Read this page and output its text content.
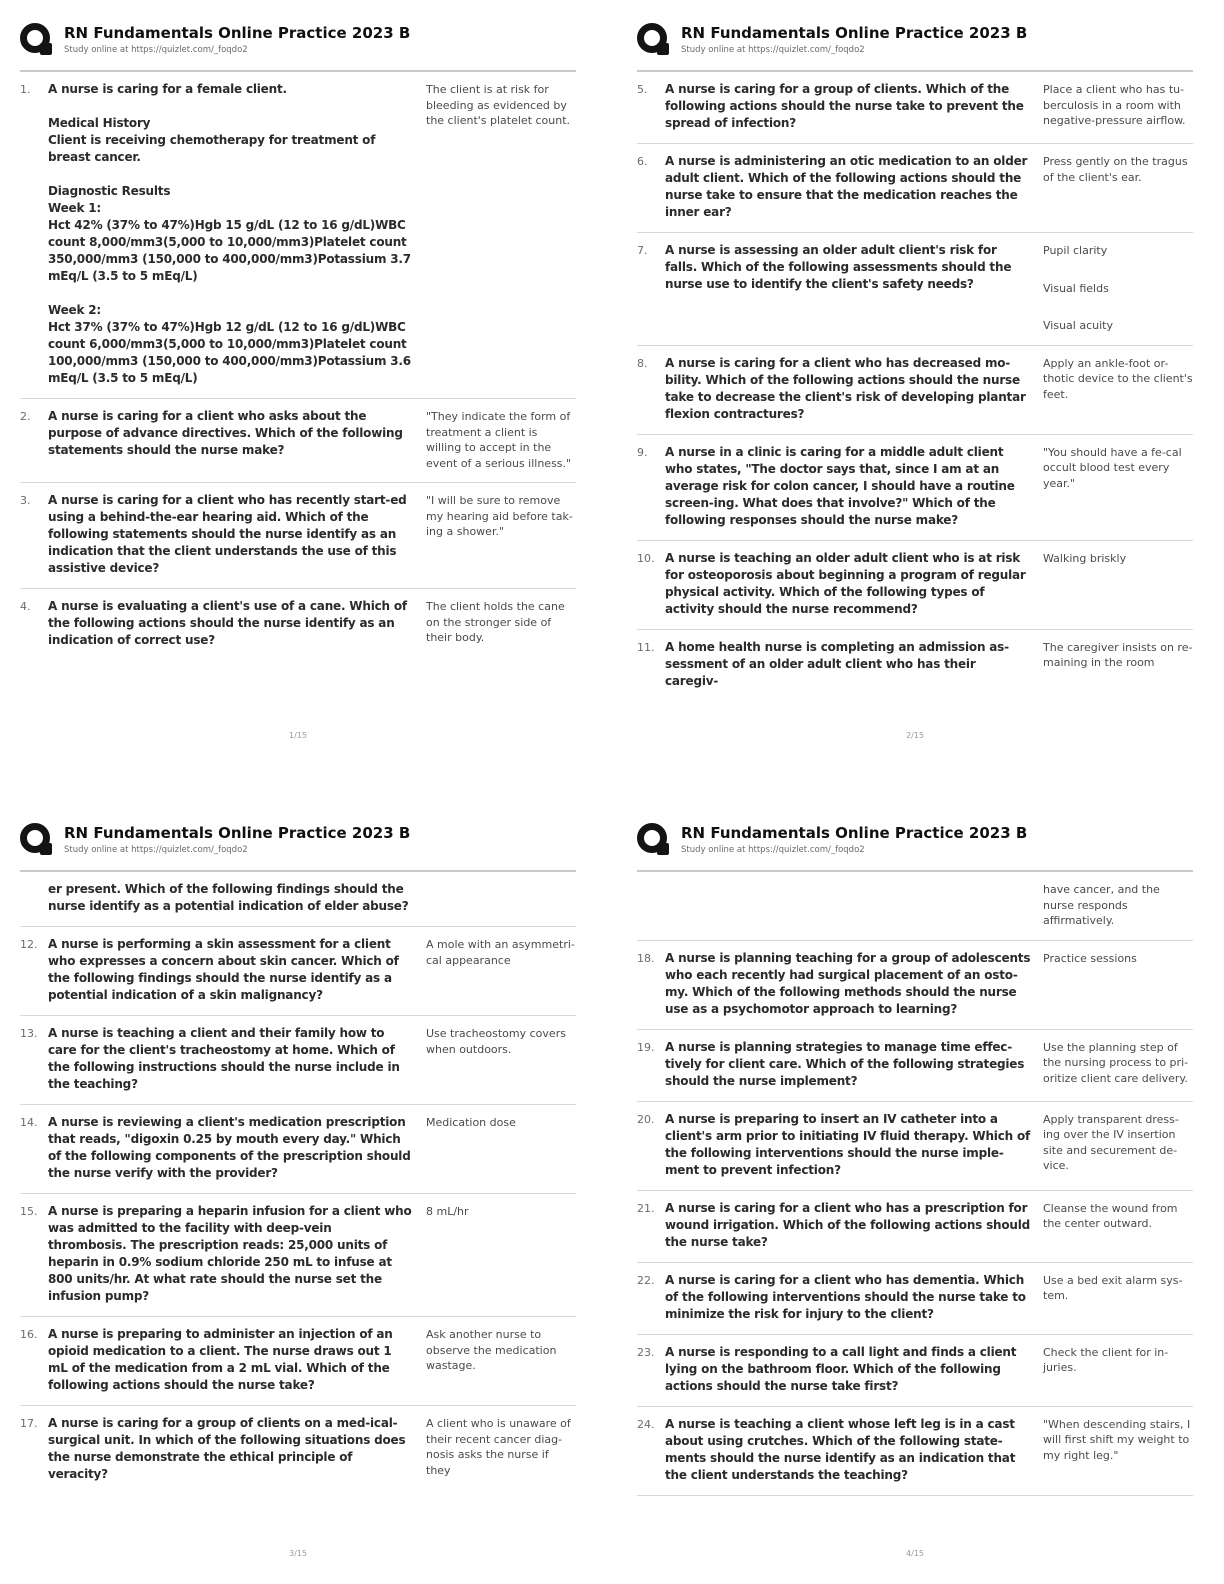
RN Fundamentals Online Practice 2023 B
Study online at https://quizlet.com/_foqdo2
1.	A nurse is caring for a female client.

Medical History

Client is receiving chemotherapy for treatment of breast cancer.

Diagnostic Results

Week 1:

Hct 42% (37% to 47%)Hgb 15 g/dL (12 to 16 g/dL)WBC count 8,000/mm3(5,000 to 10,000/mm3)Platelet count 350,000/mm3 (150,000 to 400,000/mm3)Potassium 3.7 mEq/L (3.5 to 5 mEq/L)

Week 2:

Hct 37% (37% to 47%)Hgb 12 g/dL (12 to 16 g/dL)WBC count 6,000/mm3(5,000 to 10,000/mm3)Platelet count 100,000/mm3 (150,000 to 400,000/mm3)Potassium 3.6 mEq/L (3.5 to 5 mEq/L)

The client is at risk for bleeding as evidenced by the client's platelet count.
2.	A nurse is caring for a client who asks about the purpose of advance directives. Which of the following statements should the nurse make?
"They indicate the form of treatment a client is willing to accept in the event of a serious illness."
3.	A nurse is caring for a client who has recently start-ed using a behind-the-ear hearing aid. Which of the following statements should the nurse identify as an indication that the client understands the use of this assistive device?
"I will be sure to remove my hearing aid before tak-ing a shower."
4.	A nurse is evaluating a client's use of a cane. Which of the following actions should the nurse identify as an indication of correct use?
The client holds the cane on the stronger side of their body.
1/15
RN Fundamentals Online Practice 2023 B
Study online at https://quizlet.com/_foqdo2
5.	A nurse is caring for a group of clients. Which of the following actions should the nurse take to prevent the spread of infection?
Place a client who has tu-berculosis in a room with negative-pressure airflow.
6.	A nurse is administering an otic medication to an older adult client. Which of the following actions should the nurse take to ensure that the medication reaches the inner ear?
Press gently on the tragus of the client's ear.
7.	A nurse is assessing an older adult client's risk for falls. Which of the following assessments should the nurse use to identify the client's safety needs?

Pupil clarity

Visual fields

Visual acuity

8.	A nurse is caring for a client who has decreased mo-bility. Which of the following actions should the nurse take to decrease the client's risk of developing plantar flexion contractures?
Apply an ankle-foot or-thotic device to the client's feet.
9.	A nurse in a clinic is caring for a middle adult client who states, "The doctor says that, since I am at an average risk for colon cancer, I should have a routine screen-ing. What does that involve?" Which of the following responses should the nurse make?
"You should have a fe-cal occult blood test every year."
10. A nurse is teaching an older adult client who is at risk for osteoporosis about beginning a program of regular physical activity. Which of the following types of activity should the nurse recommend?
Walking briskly
11. A home health nurse is completing an admission as-sessment of an older adult client who has their caregiv-
The caregiver insists on re-maining in the room
2/15
RN Fundamentals Online Practice 2023 B
Study online at https://quizlet.com/_foqdo2
er present. Which of the following findings should the nurse identify as a potential indication of elder abuse?
12. A nurse is performing a skin assessment for a client who expresses a concern about skin cancer. Which of the following findings should the nurse identify as a potential indication of a skin malignancy?
A mole with an asymmetri-cal appearance
13. A nurse is teaching a client and their family how to care for the client's tracheostomy at home. Which of the following instructions should the nurse include in the teaching?
Use tracheostomy covers when outdoors.
14. A nurse is reviewing a client's medication prescription that reads, "digoxin 0.25 by mouth every day." Which of the following components of the prescription should the nurse verify with the provider?
Medication dose
15. A nurse is preparing a heparin infusion for a client who was admitted to the facility with deep-vein thrombosis. The prescription reads: 25,000 units of heparin in 0.9% sodium chloride 250 mL to infuse at 800 units/hr. At what rate should the nurse set the infusion pump?
8 mL/hr
16. A nurse is preparing to administer an injection of an opioid medication to a client. The nurse draws out 1 mL of the medication from a 2 mL vial. Which of the following actions should the nurse take?
Ask another nurse to observe the medication wastage.
17. A nurse is caring for a group of clients on a med-ical-surgical unit. In which of the following situations does the nurse demonstrate the ethical principle of veracity?
A client who is unaware of their recent cancer diag-nosis asks the nurse if they
3/15
RN Fundamentals Online Practice 2023 B
Study online at https://quizlet.com/_foqdo2
have cancer, and the nurse responds affirmatively.
18. A nurse is planning teaching for a group of adolescents who each recently had surgical placement of an osto-my. Which of the following methods should the nurse use as a psychomotor approach to learning?
Practice sessions
19. A nurse is planning strategies to manage time effec-tively for client care. Which of the following strategies should the nurse implement?
Use the planning step of the nursing process to pri-oritize client care delivery.
20. A nurse is preparing to insert an IV catheter into a client's arm prior to initiating IV fluid therapy. Which of the following interventions should the nurse imple-ment to prevent infection?
Apply transparent dress-ing over the IV insertion site and securement de-vice.
21. A nurse is caring for a client who has a prescription for wound irrigation. Which of the following actions should the nurse take?
Cleanse the wound from the center outward.
22. A nurse is caring for a client who has dementia. Which of the following interventions should the nurse take to minimize the risk for injury to the client?
Use a bed exit alarm sys-tem.
23. A nurse is responding to a call light and finds a client lying on the bathroom floor. Which of the following actions should the nurse take first?
Check the client for in-juries.
24. A nurse is teaching a client whose left leg is in a cast about using crutches. Which of the following state-ments should the nurse identify as an indication that the client understands the teaching?
"When descending stairs, I will first shift my weight to my right leg."
4/15
